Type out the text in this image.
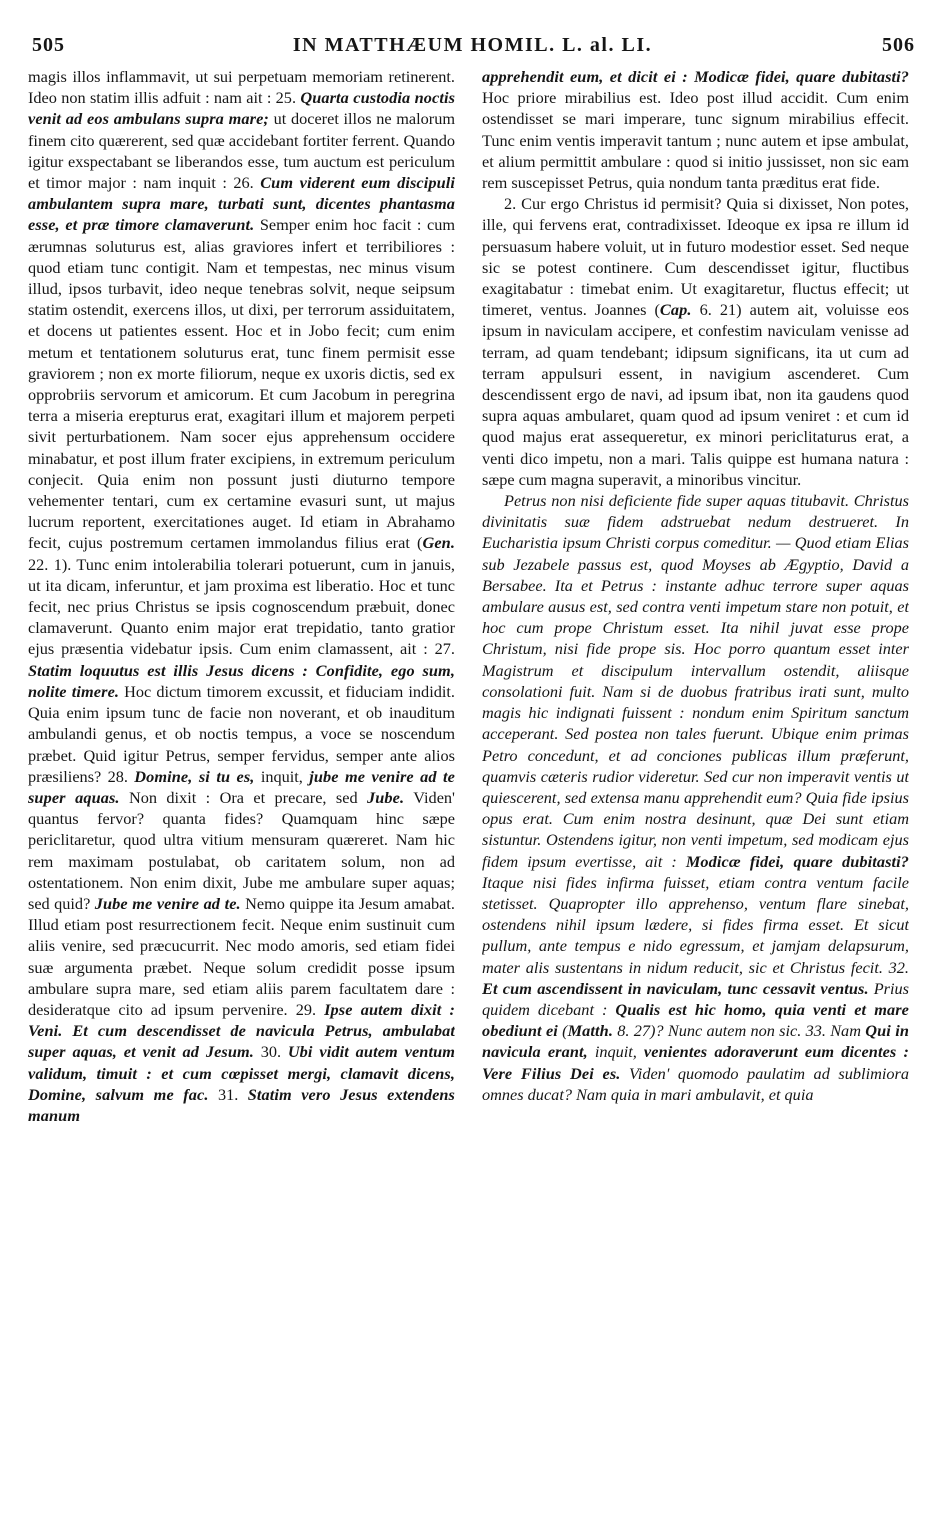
505	IN MATTHÆUM HOMIL. L. al. LI.	506

magis illos inflammavit, ut sui perpetuam memoriam retinerent. Ideo non statim illis adfuit : nam ait : 25. Quarta custodia noctis venit ad eos ambulans supra mare; ut doceret illos ne malorum finem cito quærerent, sed quæ accidebant fortiter ferrent. Quando igitur exspectabant se liberandos esse, tum auctum est periculum et timor major : nam inquit : 26. Cum viderent eum discipuli ambulantem supra mare, turbati sunt, dicentes phantasma esse, et præ timore clamaverunt. Semper enim hoc facit : cum ærumnas soluturus est, alias graviores infert et terribiliores : quod etiam tunc contigit. Nam et tempestas, nec minus visum illud, ipsos turbavit, ideo neque tenebras solvit, neque seipsum statim ostendit, exercens illos, ut dixi, per terrorum assiduitatem, et docens ut patientes essent. Hoc et in Jobo fecit; cum enim metum et tentationem soluturus erat, tunc finem permisit esse graviorem ; non ex morte filiorum, neque ex uxoris dictis, sed ex opprobriis servorum et amicorum. Et cum Jacobum in peregrina terra a miseria erepturus erat, exagitari illum et majorem perpeti sivit perturbationem. Nam socer ejus apprehensum occidere minabatur, et post illum frater excipiens, in extremum periculum conjecit. Quia enim non possunt justi diuturno tempore vehementer tentari, cum ex certamine evasuri sunt, ut majus lucrum reportent, exercitationes auget. Id etiam in Abrahamo fecit, cujus postremum certamen immolandus filius erat (Gen. 22. 1). Tunc enim intolerabilia tolerari potuerunt, cum in januis, ut ita dicam, inferuntur, et jam proxima est liberatio. Hoc et tunc fecit, nec prius Christus se ipsis cognoscendum præbuit, donec clamaverunt. Quanto enim major erat trepidatio, tanto gratior ejus præsentia videbatur ipsis. Cum enim clamassent, ait : 27. Statim loquutus est illis Jesus dicens : Confidite, ego sum, nolite timere. Hoc dictum timorem excussit, et fiduciam indidit. Quia enim ipsum tunc de facie non noverant, et ob inauditum ambulandi genus, et ob noctis tempus, a voce se noscendum præbet. Quid igitur Petrus, semper fervidus, semper ante alios præsiliens? 28. Domine, si tu es, inquit, jube me venire ad te super aquas. Non dixit : Ora et precare, sed Jube. Viden' quantus fervor? quanta fides? Quamquam hinc sæpe periclitaretur, quod ultra vitium mensuram quæreret. Nam hic rem maximam postulabat, ob caritatem solum, non ad ostentationem. Non enim dixit, Jube me ambulare super aquas; sed quid? Jube me venire ad te. Nemo quippe ita Jesum amabat. Illud etiam post resurrectionem fecit. Neque enim sustinuit cum aliis venire, sed præcucurrit. Nec modo amoris, sed etiam fidei suæ argumenta præbet. Neque solum credidit posse ipsum ambulare supra mare, sed etiam aliis parem facultatem dare : desideratque cito ad ipsum pervenire. 29. Ipse autem dixit : Veni. Et cum descendisset de navicula Petrus, ambulabat super aquas, et venit ad Jesum. 30. Ubi vidit autem ventum validum, timuit : et cum cœpisset mergi, clamavit dicens, Domine, salvum me fac. 31. Statim vero Jesus extendens manum

apprehendit eum, et dicit ei : Modicæ fidei, quare dubitasti? Hoc priore mirabilius est. Ideo post illud accidit. Cum enim ostendisset se mari imperare, tunc signum mirabilius effecit. Tunc enim ventis imperavit tantum ; nunc autem et ipse ambulat, et alium permittit ambulare : quod si initio jussisset, non sic eam rem suscepisset Petrus, quia nondum tanta præditus erat fide.

2. Cur ergo Christus id permisit? Quia si dixisset, Non potes, ille, qui fervens erat, contradixisset. Ideoque ex ipsa re illum id persuasum habere voluit, ut in futuro modestior esset. Sed neque sic se potest continere. Cum descendisset igitur, fluctibus exagitabatur : timebat enim. Ut exagitaretur, fluctus effecit; ut timeret, ventus. Joannes (Cap. 6. 21) autem ait, voluisse eos ipsum in naviculam accipere, et confestim naviculam venisse ad terram, ad quam tendebant; idipsum significans, ita ut cum ad terram appulsuri essent, in navigium ascenderet. Cum descendissent ergo de navi, ad ipsum ibat, non ita gaudens quod supra aquas ambularet, quam quod ad ipsum veniret : et cum id quod majus erat assequeretur, ex minori periclitaturus erat, a venti dico impetu, non a mari. Talis quippe est humana natura : sæpe cum magna superavit, a minoribus vincitur.

Petrus non nisi deficiente fide super aquas titubavit. Christus divinitatis suæ fidem adstruebat nedum destrueret. In Eucharistia ipsum Christi corpus comeditur. — Quod etiam Elias sub Jezabele passus est, quod Moyses ab Ægyptio, David a Bersabee. Ita et Petrus : instante adhuc terrore super aquas ambulare ausus est, sed contra venti impetum stare non potuit, et hoc cum prope Christum esset. Ita nihil juvat esse prope Christum, nisi fide prope sis. Hoc porro quantum esset inter Magistrum et discipulum intervallum ostendit, aliisque consolationi fuit. Nam si de duobus fratribus irati sunt, multo magis hic indignati fuissent : nondum enim Spiritum sanctum acceperant. Sed postea non tales fuerunt. Ubique enim primas Petro concedunt, et ad conciones publicas illum præferunt, quamvis cæteris rudior videretur. Sed cur non imperavit ventis ut quiescerent, sed extensa manu apprehendit eum? Quia fide ipsius opus erat. Cum enim nostra desinunt, quæ Dei sunt etiam sistuntur. Ostendens igitur, non venti impetum, sed modicam ejus fidem ipsum evertisse, ait : Modicæ fidei, quare dubitasti? Itaque nisi fides infirma fuisset, etiam contra ventum facile stetisset. Quapropter illo apprehenso, ventum flare sinebat, ostendens nihil ipsum lædere, si fides firma esset. Et sicut pullum, ante tempus e nido egressum, et jamjam delapsurum, mater alis sustentans in nidum reducit, sic et Christus fecit. 32. Et cum ascendissent in naviculam, tunc cessavit ventus. Prius quidem dicebant : Qualis est hic homo, quia venti et mare obediunt ei (Matth. 8. 27)? Nunc autem non sic. 33. Nam Qui in navicula erant, inquit, venientes adoraverunt eum dicentes : Vere Filius Dei es. Viden' quomodo paulatim ad sublimiora omnes ducat? Nam quia in mari ambulavit, et quia
